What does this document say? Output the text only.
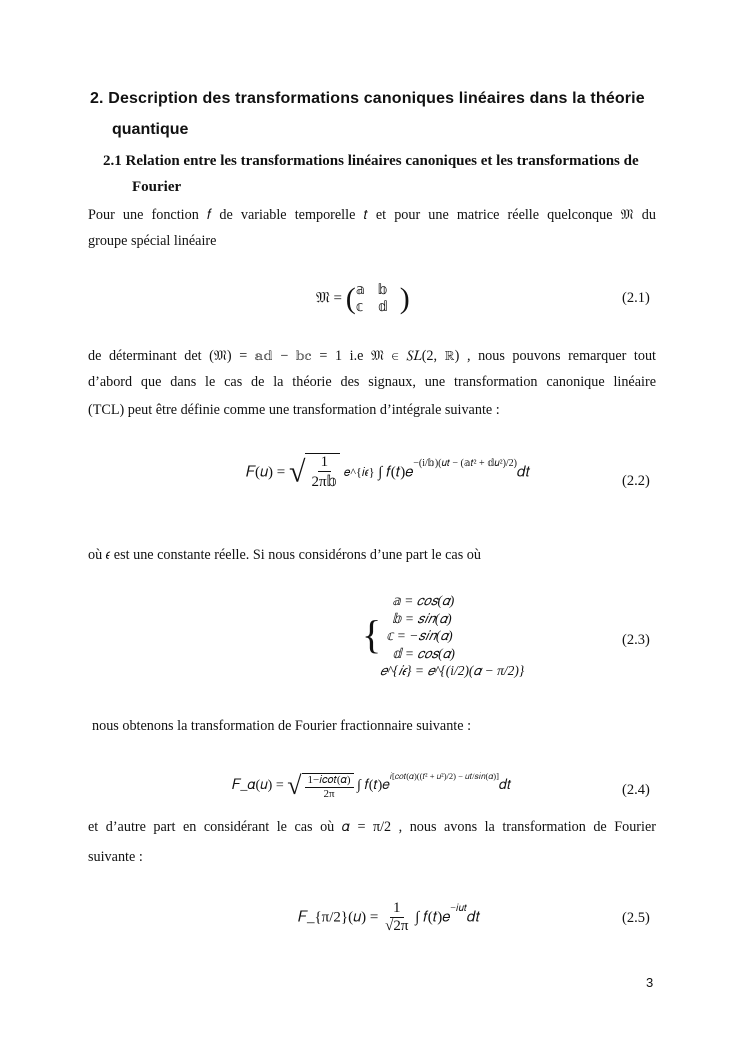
2. Description des transformations canoniques linéaires dans la théorie
quantique
2.1 Relation entre les transformations linéaires canoniques et les transformations de
Fourier
Pour une fonction 𝑓 de variable temporelle 𝑡 et pour une matrice réelle quelconque 𝔐 du
groupe spécial linéaire
𝔐 = ( 𝕒 𝕓
𝕔	𝕕 )	(2.1)
de déterminant det (𝔐) = 𝕒𝕕 − 𝕓𝕔 = 1 i.e 𝔐 ∈ 𝑆𝐿(2, ℝ) , nous pouvons remarquer tout
d’abord que dans le cas de la théorie des signaux, une transformation canonique linéaire
(TCL) peut être définie comme une transformation d’intégrale suivante :
𝐹(𝑢) = √ $\frac{1}{\text{2π𝕓}}$ 𝑒^{𝑖𝜖} ∫ 𝑓(𝑡)𝑒$^{-(i/𝕓)(𝑢𝑡 - (𝕒𝑡^2 + 𝕕𝑢^2)/2)}$𝑑𝑡
(2.2)
où 𝜖 est une constante réelle. Si nous considérons d’une part le cas où
{
𝕒 = 𝑐𝑜𝑠(𝛼)
𝕓 = 𝑠𝑖𝑛(𝛼)
𝕔 = −𝑠𝑖𝑛(𝛼)
𝕕 = 𝑐𝑜𝑠(𝛼)
𝑒^{𝑖𝜖} = 𝑒^{(i/2)(𝛼 − π/2)}
(2.3)
nous obtenons la transformation de Fourier fractionnaire suivante :
𝐹_𝛼(𝑢) = √ $\frac{\text{1−𝑖𝑐𝑜𝑡(𝛼)}}{2\pi}$ ∫ 𝑓(𝑡)𝑒$^{𝑖[𝑐𝑜𝑡(𝛼)((𝑡^2 + 𝑢^2)/2) - 𝑢𝑡/𝑠𝑖𝑛(𝛼)]}$𝑑𝑡	(2.4)
et d’autre part en considérant le cas où 𝛼 = π/2 , nous avons la transformation de Fourier
suivante :
𝐹_{π/2}(𝑢) = $\frac{1}{√2\pi}$ ∫ 𝑓(𝑡)𝑒$^{-𝑖𝑢𝑡}$𝑑𝑡	(2.5)
3
